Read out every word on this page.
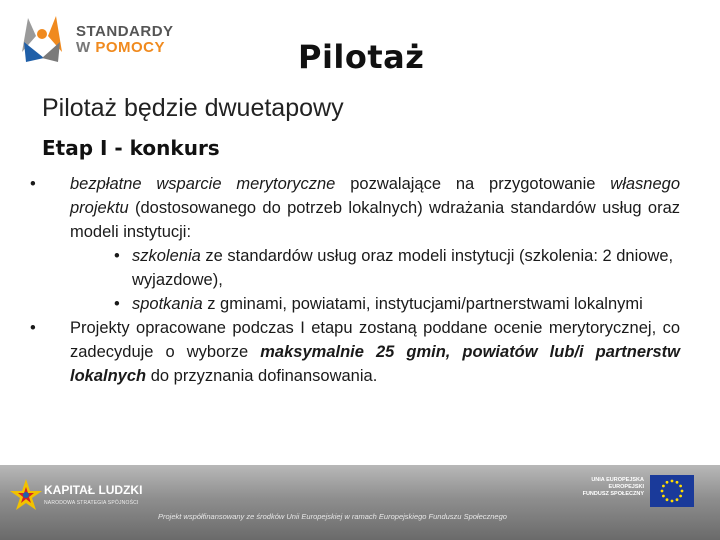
STANDARDY
W POMOCY	Pilotaż
Pilotaż będzie dwuetapowy
Etap I - konkurs
•	bezpłatne wsparcie merytoryczne pozwalające na przygotowanie własnego projektu (dostosowanego do potrzeb lokalnych) wdrażania standardów usług oraz modeli instytucji:
• szkolenia ze standardów usług oraz modeli instytucji (szkolenia: 2 dniowe, wyjazdowe),
• spotkania z gminami, powiatami, instytucjami/partnerstwami lokalnymi
•	Projekty opracowane podczas I etapu zostaną poddane ocenie merytorycznej, co zadecyduje o wyborze maksymalnie 25 gmin, powiatów lub/i partnerstw lokalnych do przyznania dofinansowania.
KAPITAŁ LUDZKI
NARODOWA STRATEGIA SPÓJNOŚCI
UNIA EUROPEJSKA
EUROPEJSKI
FUNDUSZ SPOŁECZNY
Projekt współfinansowany ze środków Unii Europejskiej w ramach Europejskiego Funduszu Społecznego
